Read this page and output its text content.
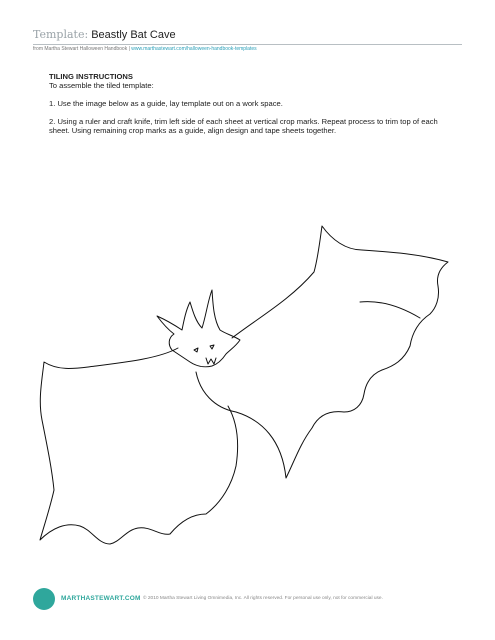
Template: Beastly Bat Cave
from Martha Stewart Halloween Handbook | www.marthastewart.com/halloween-handbook-templates
TILING INSTRUCTIONS

To assemble the tiled template:

1. Use the image below as a guide, lay template out on a work space.

2. Using a ruler and craft knife, trim left side of each sheet at vertical crop marks. Repeat process to trim top of each sheet. Using remaining crop marks as a guide, align design and tape sheets together.

MARTHASTEWART.COM © 2010 Martha Stewart Living Omnimedia, Inc. All rights reserved. For personal use only, not for commercial use.
